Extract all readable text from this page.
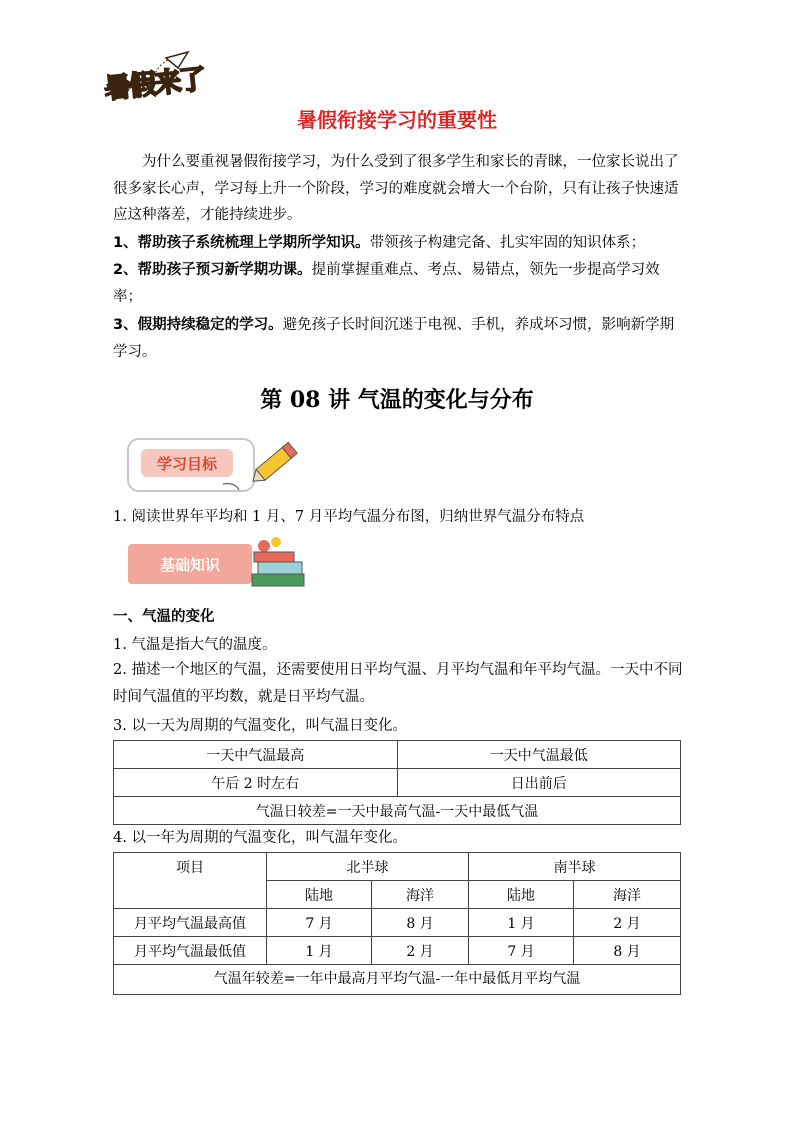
暑假来了
暑假衔接学习的重要性
为什么要重视暑假衔接学习，为什么受到了很多学生和家长的青睐，一位家长说出了很多家长心声，学习每上升一个阶段，学习的难度就会增大一个台阶，只有让孩子快速适应这种落差，才能持续进步。
1、帮助孩子系统梳理上学期所学知识。带领孩子构建完备、扎实牢固的知识体系；
2、帮助孩子预习新学期功课。提前掌握重难点、考点、易错点，领先一步提高学习效率；
3、假期持续稳定的学习。避免孩子长时间沉迷于电视、手机，养成坏习惯，影响新学期学习。
第 08 讲 气温的变化与分布
学习目标
1. 阅读世界年平均和 1 月、7 月平均气温分布图，归纳世界气温分布特点
基础知识
一、气温的变化
1. 气温是指大气的温度。
2. 描述一个地区的气温，还需要使用日平均气温、月平均气温和年平均气温。一天中不同时间气温值的平均数，就是日平均气温。
3. 以一天为周期的气温变化，叫气温日变化。
一天中气温最高	一天中气温最低
午后 2 时左右	日出前后
气温日较差=一天中最高气温-一天中最低气温	
4. 以一年为周期的气温变化，叫气温年变化。
项目	北半球		南半球	
	陆地	海洋	陆地	海洋
月平均气温最高值	7 月	8 月	1 月	2 月
月平均气温最低值	1 月	2 月	7 月	8 月
气温年较差=一年中最高月平均气温-一年中最低月平均气温				
